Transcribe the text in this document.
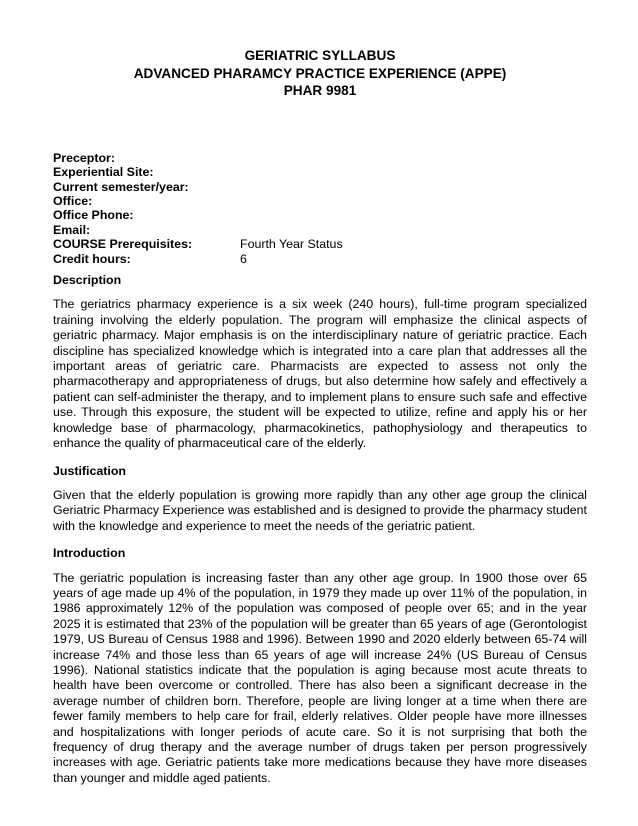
GERIATRIC SYLLABUS
ADVANCED PHARAMCY PRACTICE EXPERIENCE (APPE)
PHAR 9981
Preceptor:
Experiential Site:
Current semester/year:
Office:
Office Phone:
Email:
COURSE Prerequisites:	Fourth Year Status
Credit hours:	6
Description

The geriatrics pharmacy experience is a six week (240 hours), full-time program specialized training involving the elderly population. The program will emphasize the clinical aspects of geriatric pharmacy. Major emphasis is on the interdisciplinary nature of geriatric practice. Each discipline has specialized knowledge which is integrated into a care plan that addresses all the important areas of geriatric care. Pharmacists are expected to assess not only the pharmacotherapy and appropriateness of drugs, but also determine how safely and effectively a patient can self-administer the therapy, and to implement plans to ensure such safe and effective use. Through this exposure, the student will be expected to utilize, refine and apply his or her knowledge base of pharmacology, pharmacokinetics, pathophysiology and therapeutics to enhance the quality of pharmaceutical care of the elderly.

Justification

Given that the elderly population is growing more rapidly than any other age group the clinical Geriatric Pharmacy Experience was established and is designed to provide the pharmacy student with the knowledge and experience to meet the needs of the geriatric patient.

Introduction

The geriatric population is increasing faster than any other age group. In 1900 those over 65 years of age made up 4% of the population, in 1979 they made up over 11% of the population, in 1986 approximately 12% of the population was composed of people over 65; and in the year 2025 it is estimated that 23% of the population will be greater than 65 years of age (Gerontologist 1979, US Bureau of Census 1988 and 1996). Between 1990 and 2020 elderly between 65-74 will increase 74% and those less than 65 years of age will increase 24% (US Bureau of Census 1996). National statistics indicate that the population is aging because most acute threats to health have been overcome or controlled. There has also been a significant decrease in the average number of children born. Therefore, people are living longer at a time when there are fewer family members to help care for frail, elderly relatives. Older people have more illnesses and hospitalizations with longer periods of acute care. So it is not surprising that both the frequency of drug therapy and the average number of drugs taken per person progressively increases with age. Geriatric patients take more medications because they have more diseases than younger and middle aged patients.
